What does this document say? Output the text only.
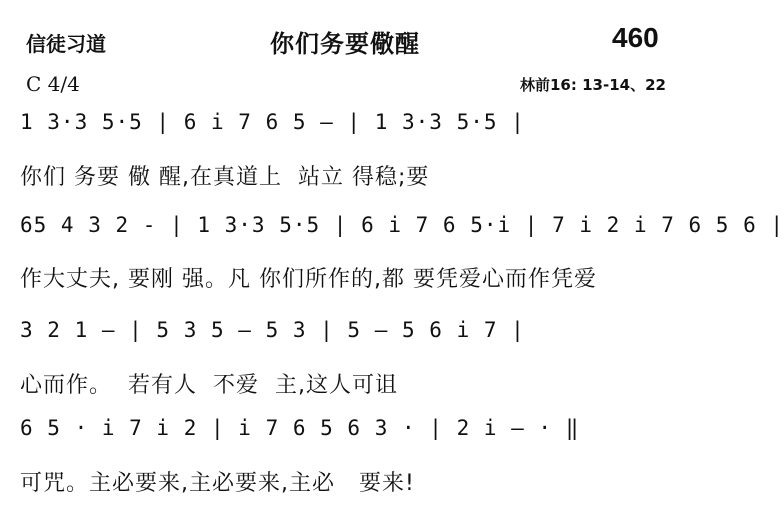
信徒习道	你们务要儆醒	460
C 4/4	林前16: 13-14、22
1 3·3 5·5 | 6 i 7 6 5 — | 1 3·3 5·5 |
你们 务要 儆 醒,在真道上  站立 得稳;要
65 4 3 2 - | 1 3·3 5·5 | 6 i 7 6 5·i | 7 i 2 i 7 6 5 6 |
作大丈夫, 要刚 强。凡 你们所作的,都 要凭爱心而作凭爱
3 2 1 — | 5 3 5 — 5 3 | 5 — 5 6 i 7 |
心而作。  若有人  不爱  主,这人可诅
6 5 · i 7 i 2 | i 7 6 5 6 3 · | 2 i — · ‖
可咒。主必要来,主必要来,主必   要来!
